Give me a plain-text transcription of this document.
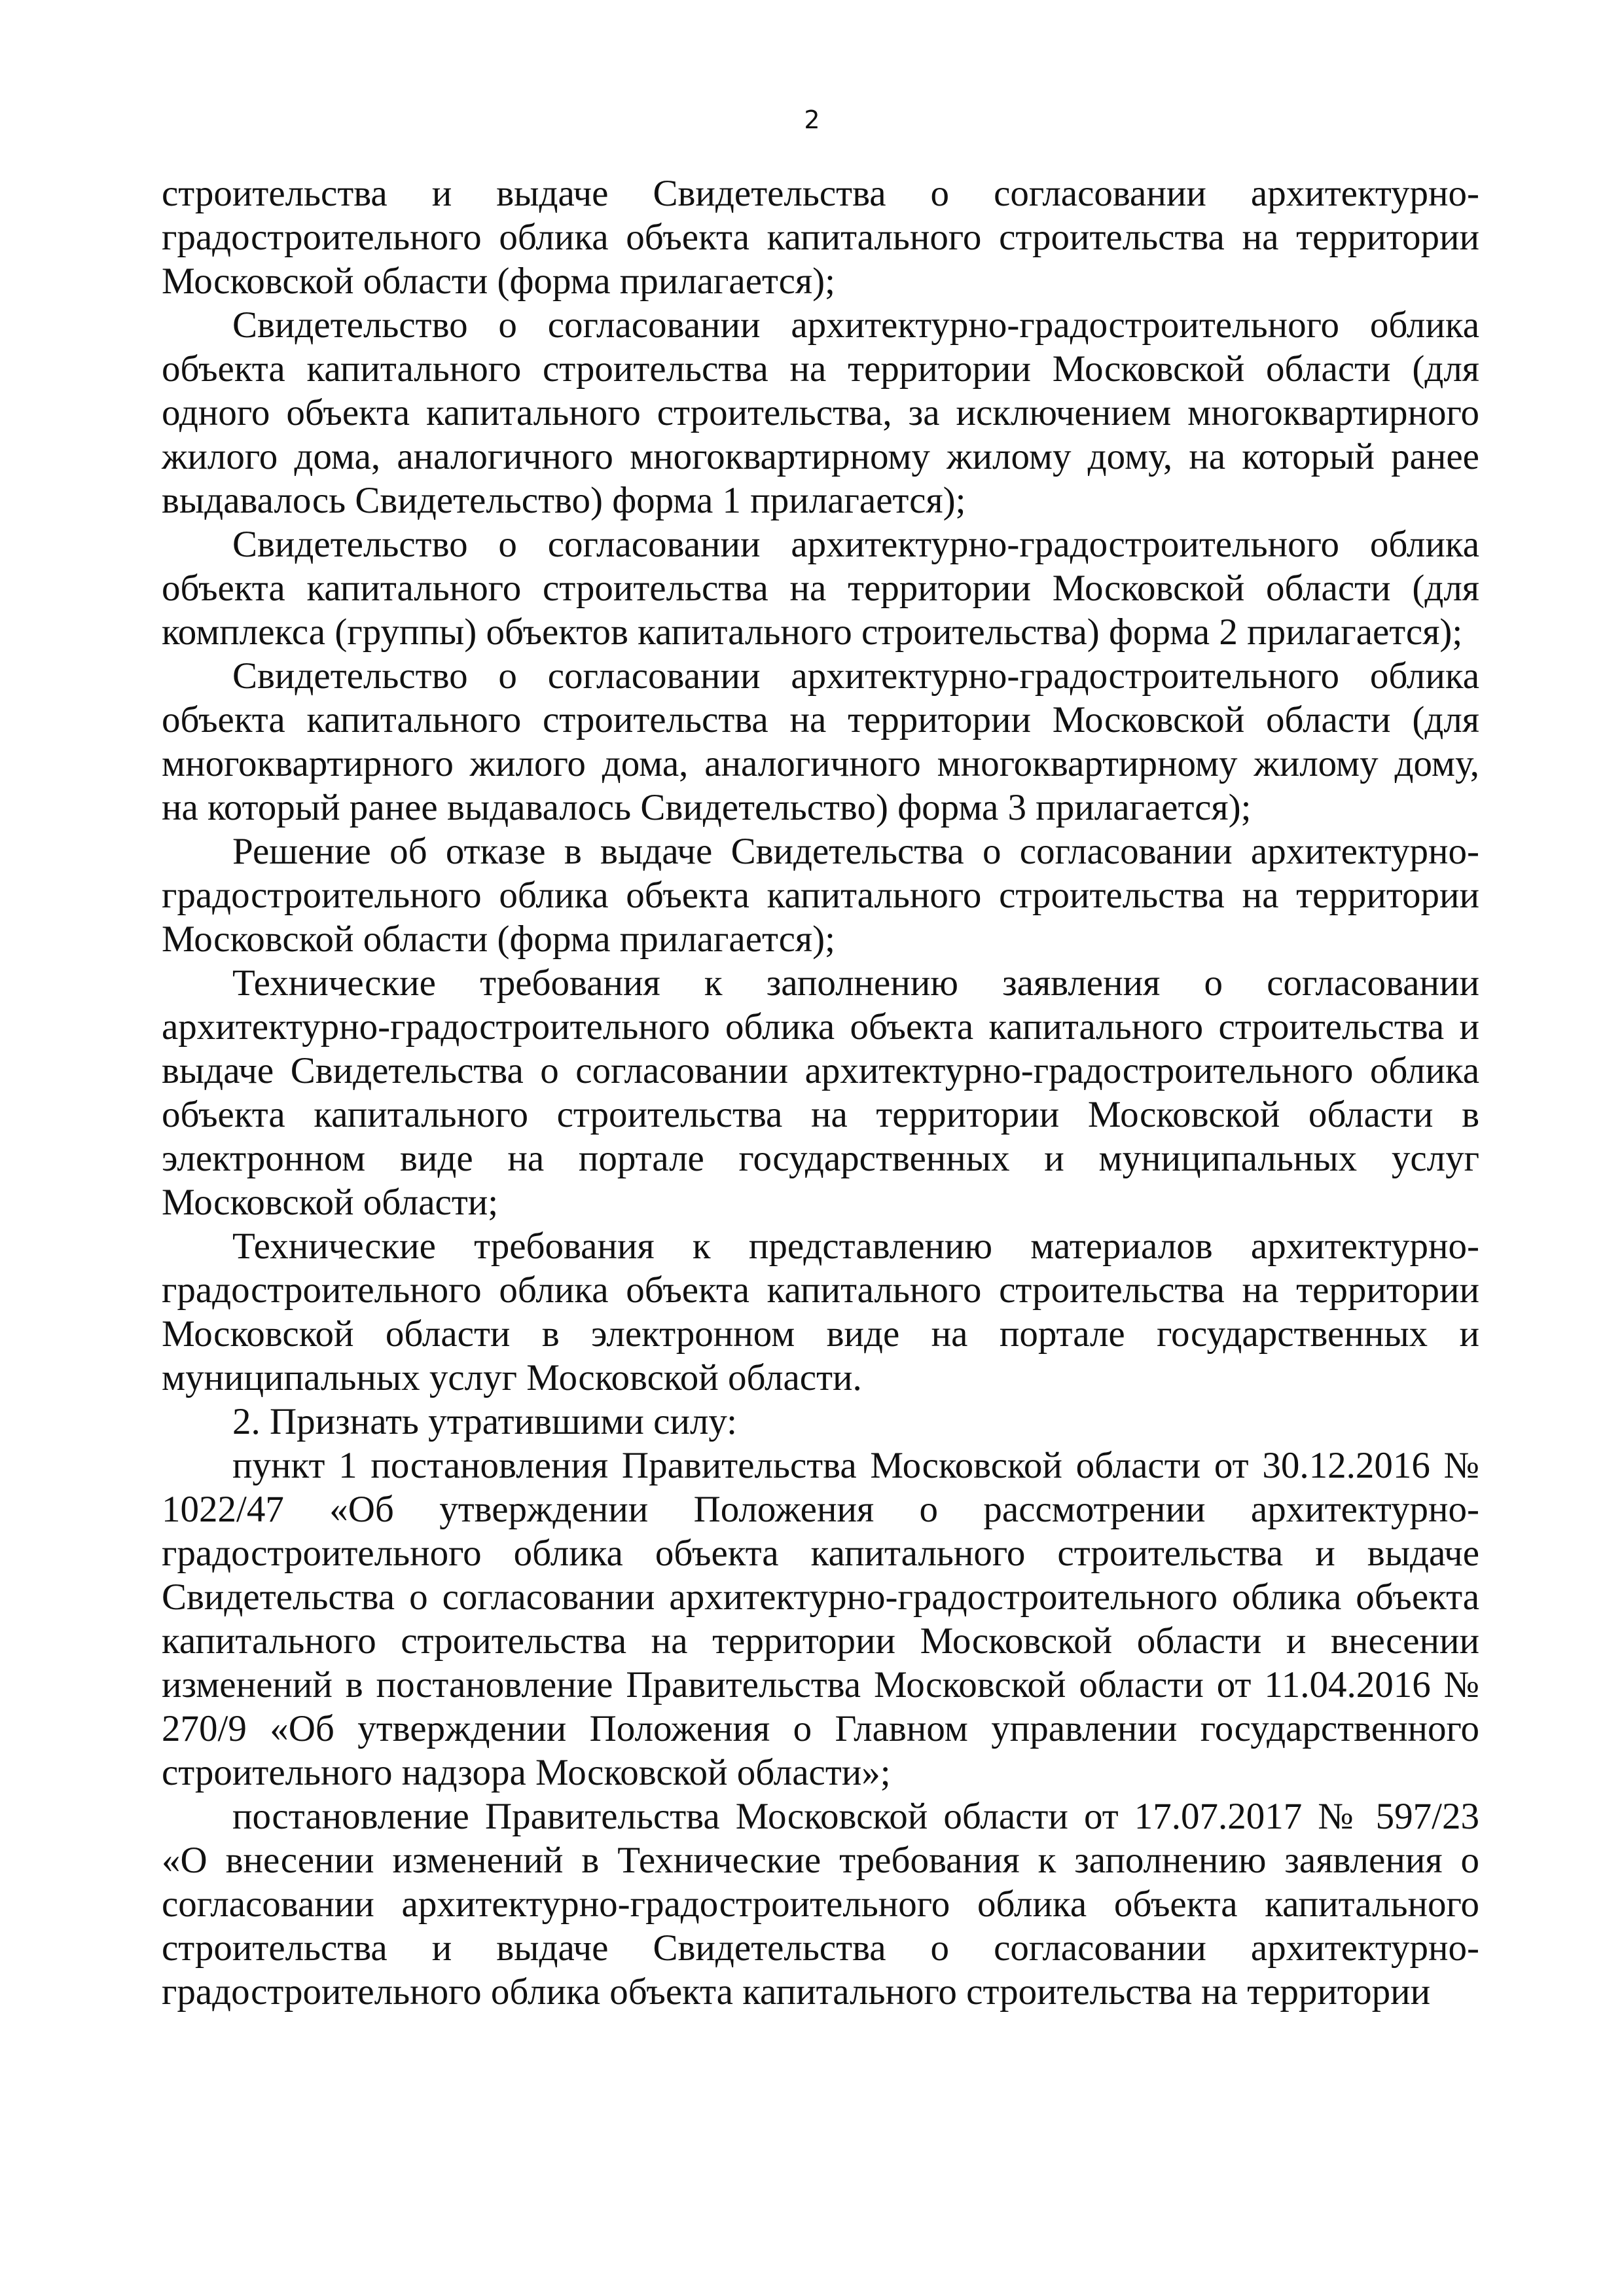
2

строительства и выдаче Свидетельства о согласовании архитектурно-градостроительного облика объекта капитального строительства на территории Московской области (форма прилагается);

Свидетельство о согласовании архитектурно-градостроительного облика объекта капитального строительства на территории Московской области (для одного объекта капитального строительства, за исключением многоквартирного жилого дома, аналогичного многоквартирному жилому дому, на который ранее выдавалось Свидетельство) форма 1 прилагается);

Свидетельство о согласовании архитектурно-градостроительного облика объекта капитального строительства на территории Московской области (для комплекса (группы) объектов капитального строительства) форма 2 прилагается);

Свидетельство о согласовании архитектурно-градостроительного облика объекта капитального строительства на территории Московской области (для многоквартирного жилого дома, аналогичного многоквартирному жилому дому, на который ранее выдавалось Свидетельство) форма 3 прилагается);

Решение об отказе в выдаче Свидетельства о согласовании архитектурно-градостроительного облика объекта капитального строительства на территории Московской области (форма прилагается);

Технические требования к заполнению заявления о согласовании архитектурно-градостроительного облика объекта капитального строительства и выдаче Свидетельства о согласовании архитектурно-градостроительного облика объекта капитального строительства на территории Московской области в электронном виде на портале государственных и муниципальных услуг Московской области;

Технические требования к представлению материалов архитектурно-градостроительного облика объекта капитального строительства на территории Московской области в электронном виде на портале государственных и муниципальных услуг Московской области.

2. Признать утратившими силу:

пункт 1 постановления Правительства Московской области от 30.12.2016 № 1022/47 «Об утверждении Положения о рассмотрении архитектурно-градостроительного облика объекта капитального строительства и выдаче Свидетельства о согласовании архитектурно-градостроительного облика объекта капитального строительства на территории Московской области и внесении изменений в постановление Правительства Московской области от 11.04.2016 № 270/9 «Об утверждении Положения о Главном управлении государственного строительного надзора Московской области»;

постановление Правительства Московской области от 17.07.2017 № 597/23 «О внесении изменений в Технические требования к заполнению заявления о согласовании архитектурно-градостроительного облика объекта капитального строительства и выдаче Свидетельства о согласовании архитектурно-градостроительного облика объекта капитального строительства на территории
